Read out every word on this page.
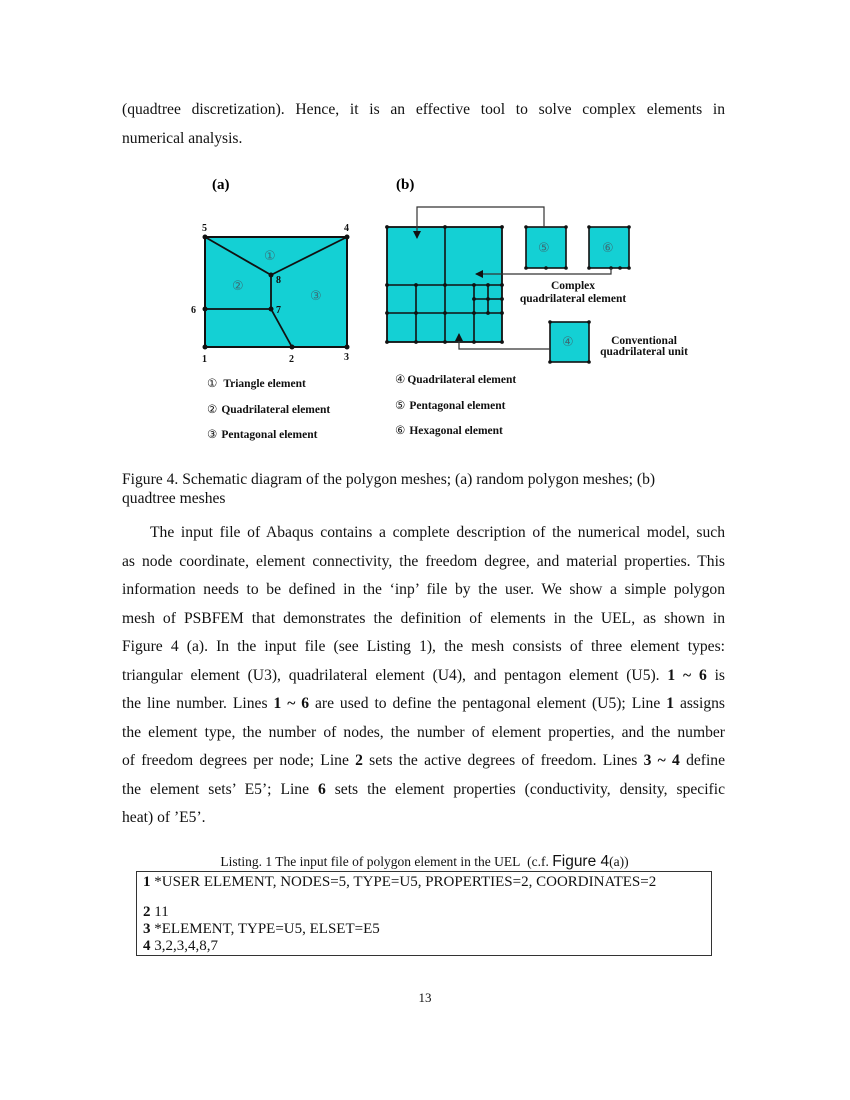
(quadtree discretization). Hence, it is an effective tool to solve complex elements in
numerical analysis.
(a)
1	2	3
4
5
6	7
8
①
②
③
① Triangle element
② Quadrilateral element
③ Pentagonal element
(b)
⑤	⑥
④
Complex
quadrilateral element
Conventional
quadrilateral unit
④ Quadrilateral element
⑤ Pentagonal element
⑥ Hexagonal element
Figure 4. Schematic diagram of the polygon meshes; (a) random polygon meshes; (b)
quadtree meshes
The input file of Abaqus contains a complete description of the numerical model, such
as node coordinate, element connectivity, the freedom degree, and material properties. This
information needs to be defined in the ‘inp’ file by the user. We show a simple polygon
mesh of PSBFEM that demonstrates the definition of elements in the UEL, as shown in
Figure 4 (a). In the input file (see Listing 1), the mesh consists of three element types:
triangular element (U3), quadrilateral element (U4), and pentagon element (U5). 1 ~ 6 is
the line number. Lines 1 ~ 6 are used to define the pentagonal element (U5); Line 1 assigns
the element type, the number of nodes, the number of element properties, and the number
of freedom degrees per node; Line 2 sets the active degrees of freedom. Lines 3 ~ 4 define
the element sets’ E5’; Line 6 sets the element properties (conductivity, density, specific
heat) of ’E5’.
Listing. 1 The input file of polygon element in the UEL (c.f. Figure 4(a))
1 *USER ELEMENT, NODES=5, TYPE=U5, PROPERTIES=2, COORDINATES=2
2 11
3 *ELEMENT, TYPE=U5, ELSET=E5
4 3,2,3,4,8,7
13
